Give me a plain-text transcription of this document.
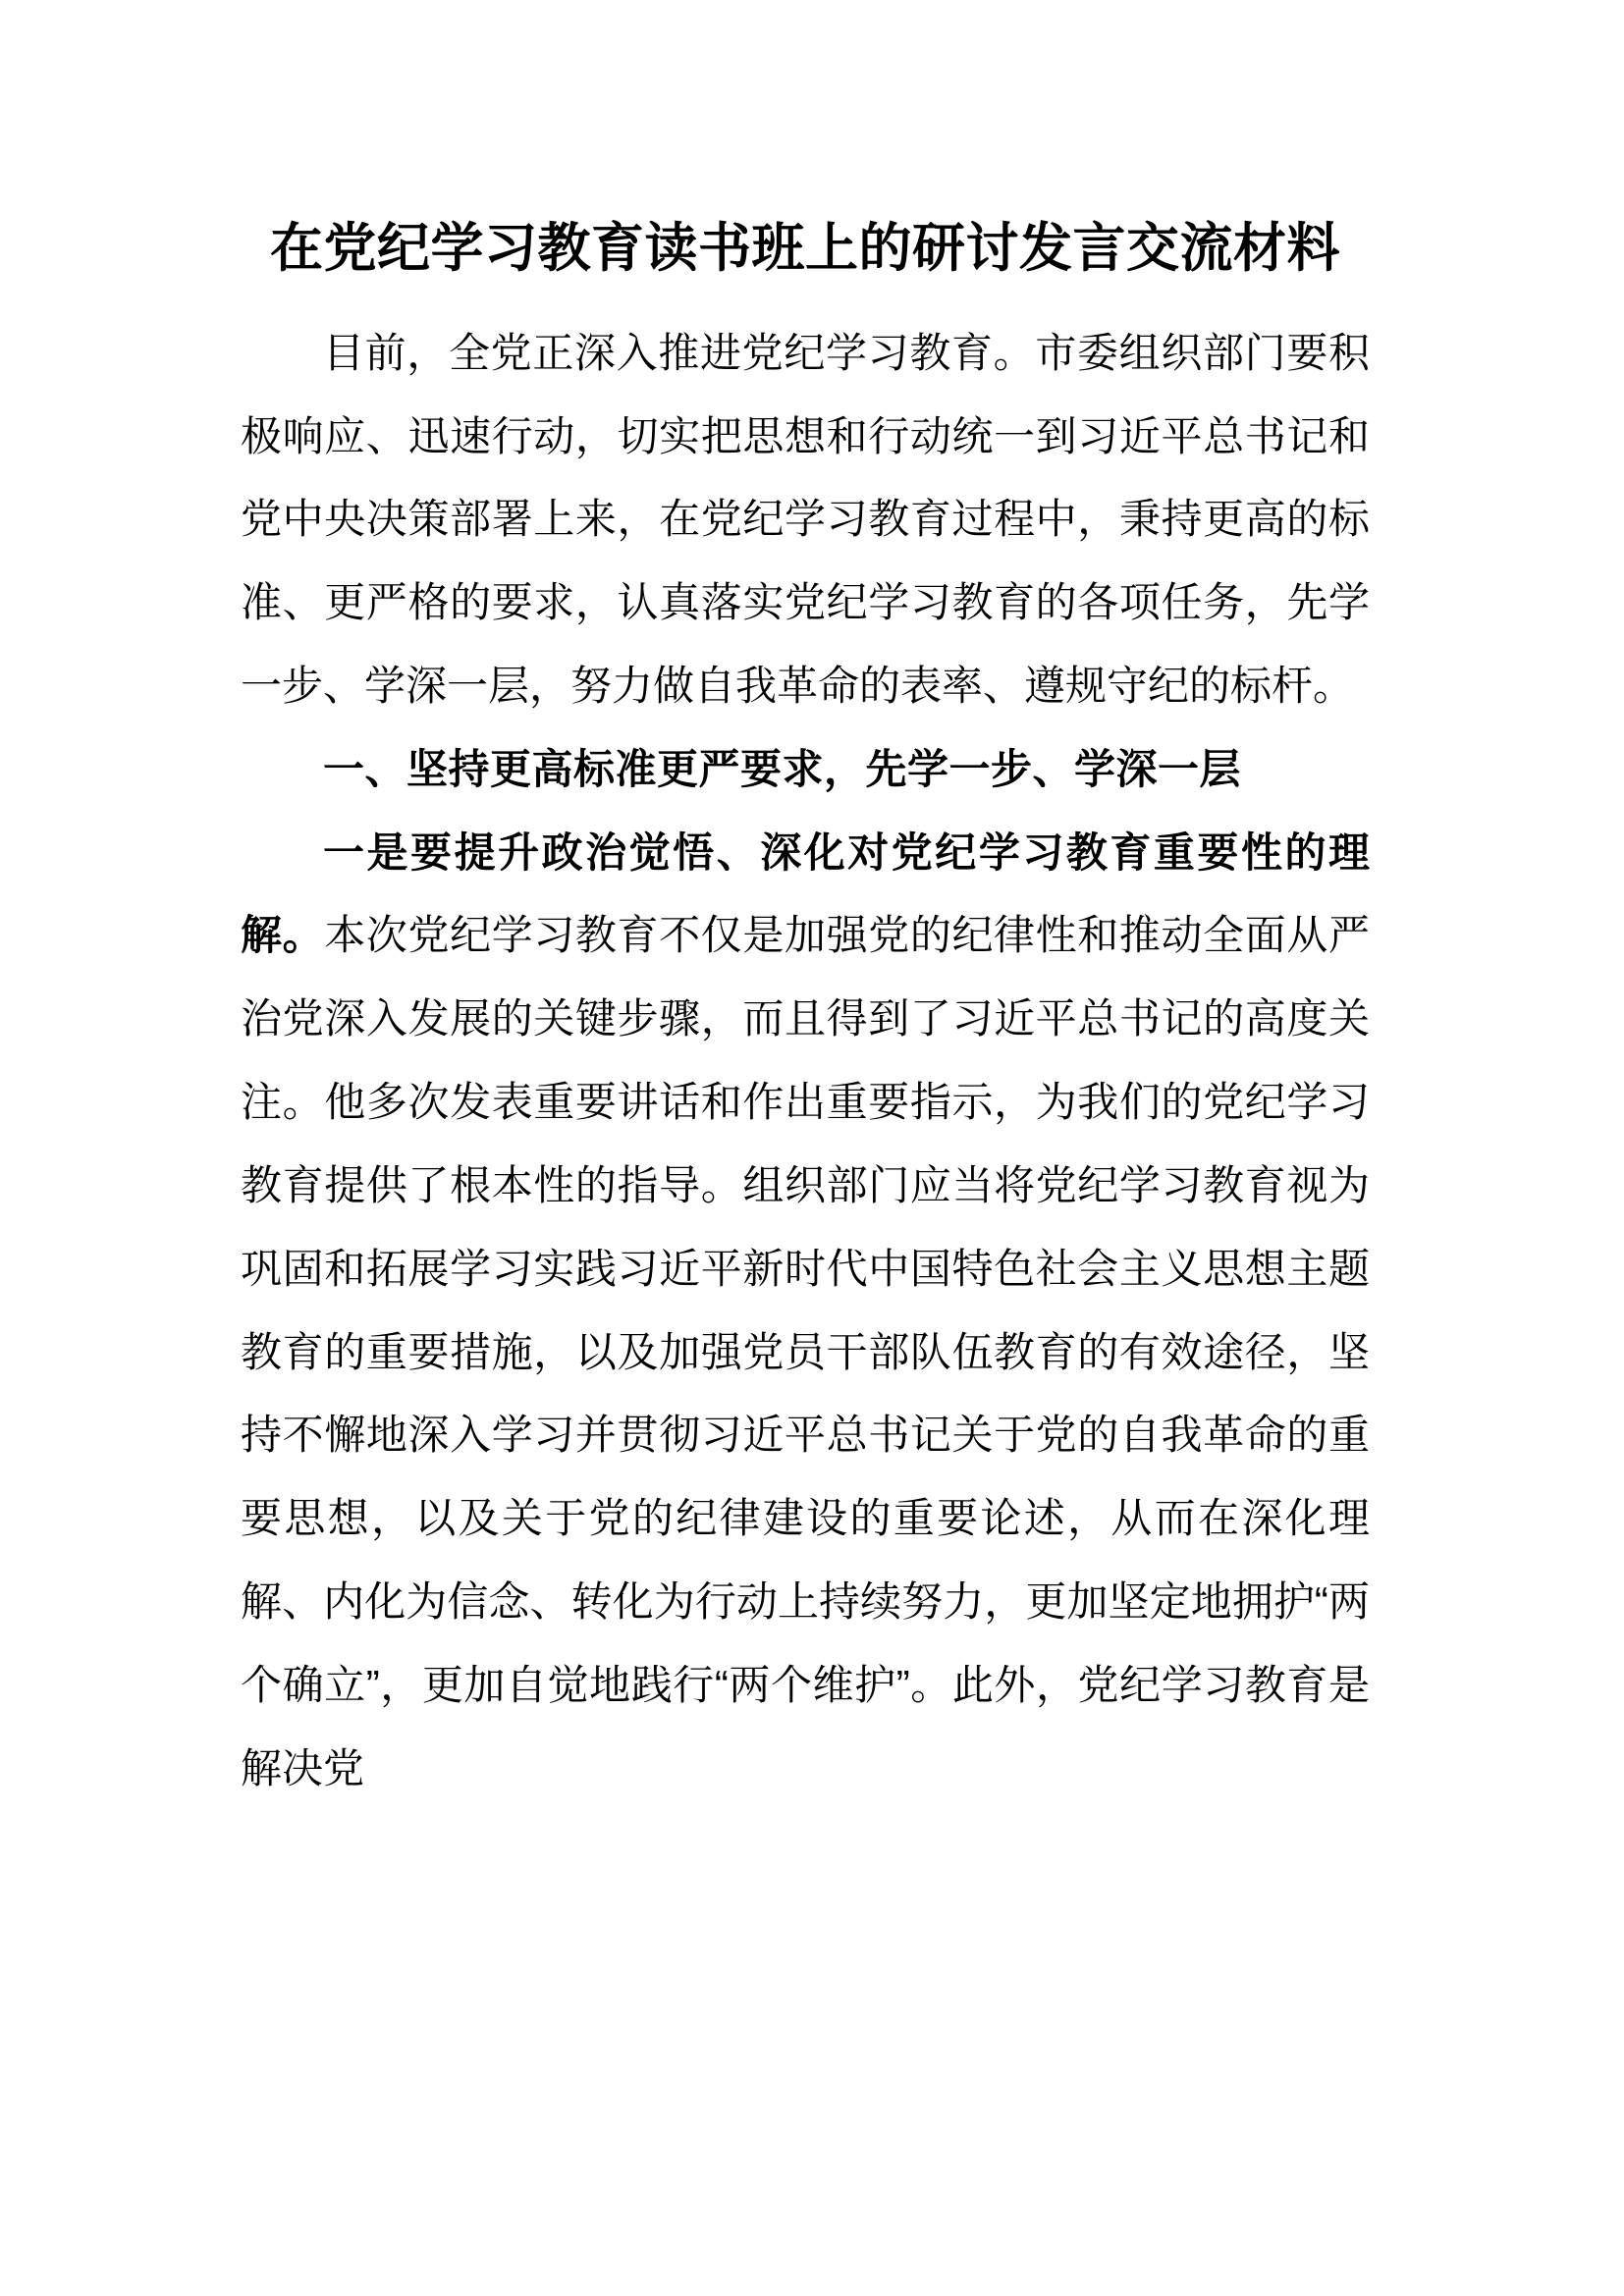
在党纪学习教育读书班上的研讨发言交流材料

目前，全党正深入推进党纪学习教育。市委组织部门要积极响应、迅速行动，切实把思想和行动统一到习近平总书记和党中央决策部署上来，在党纪学习教育过程中，秉持更高的标准、更严格的要求，认真落实党纪学习教育的各项任务，先学一步、学深一层，努力做自我革命的表率、遵规守纪的标杆。

一、坚持更高标准更严要求，先学一步、学深一层

一是要提升政治觉悟、深化对党纪学习教育重要性的理解。本次党纪学习教育不仅是加强党的纪律性和推动全面从严治党深入发展的关键步骤，而且得到了习近平总书记的高度关注。他多次发表重要讲话和作出重要指示，为我们的党纪学习教育提供了根本性的指导。组织部门应当将党纪学习教育视为巩固和拓展学习实践习近平新时代中国特色社会主义思想主题教育的重要措施，以及加强党员干部队伍教育的有效途径，坚持不懈地深入学习并贯彻习近平总书记关于党的自我革命的重要思想，以及关于党的纪律建设的重要论述，从而在深化理解、内化为信念、转化为行动上持续努力，更加坚定地拥护“两个确立”，更加自觉地践行“两个维护”。此外，党纪学习教育是解决党
